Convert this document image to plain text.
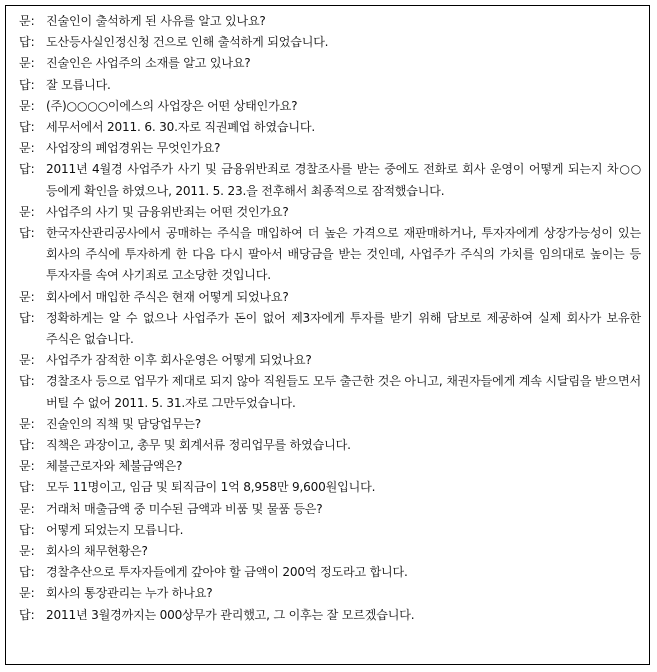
문: 진술인이 출석하게 된 사유를 알고 있나요?
답: 도산등사실인정신청 건으로 인해 출석하게 되었습니다.
문: 진술인은 사업주의 소재를 알고 있나요?
답: 잘 모릅니다.
문: (주)○○○○이에스의 사업장은 어떤 상태인가요?
답: 세무서에서 2011. 6. 30.자로 직권폐업 하였습니다.
문: 사업장의 폐업경위는 무엇인가요?
답: 2011년 4월경 사업주가 사기 및 금융위반죄로 경찰조사를 받는 중에도 전화로 회사 운영이 어떻게 되는지 차○○ 등에게 확인을 하였으나, 2011. 5. 23.을 전후해서 최종적으로 잠적했습니다.
문: 사업주의 사기 및 금융위반죄는 어떤 것인가요?
답: 한국자산관리공사에서 공매하는 주식을 매입하여 더 높은 가격으로 재판매하거나, 투자자에게 상장가능성이 있는 회사의 주식에 투자하게 한 다음 다시 팔아서 배당금을 받는 것인데, 사업주가 주식의 가치를 임의대로 높이는 등 투자자를 속여 사기죄로 고소당한 것입니다.
문: 회사에서 매입한 주식은 현재 어떻게 되었나요?
답: 정확하게는 알 수 없으나 사업주가 돈이 없어 제3자에게 투자를 받기 위해 담보로 제공하여 실제 회사가 보유한 주식은 없습니다.
문: 사업주가 잠적한 이후 회사운영은 어떻게 되었나요?
답: 경찰조사 등으로 업무가 제대로 되지 않아 직원들도 모두 출근한 것은 아니고, 채권자들에게 계속 시달림을 받으면서 버틸 수 없어 2011. 5. 31.자로 그만두었습니다.
문: 진술인의 직책 및 담당업무는?
답: 직책은 과장이고, 총무 및 회계서류 정리업무를 하였습니다.
문: 체불근로자와 체불금액은?
답: 모두 11명이고, 임금 및 퇴직금이 1억 8,958만 9,600원입니다.
문: 거래처 매출금액 중 미수된 금액과 비품 및 물품 등은?
답: 어떻게 되었는지 모릅니다.
문: 회사의 채무현황은?
답: 경찰추산으로 투자자들에게 갚아야 할 금액이 200억 정도라고 합니다.
문: 회사의 통장관리는 누가 하나요?
답: 2011년 3월경까지는 000상무가 관리했고, 그 이후는 잘 모르겠습니다.
